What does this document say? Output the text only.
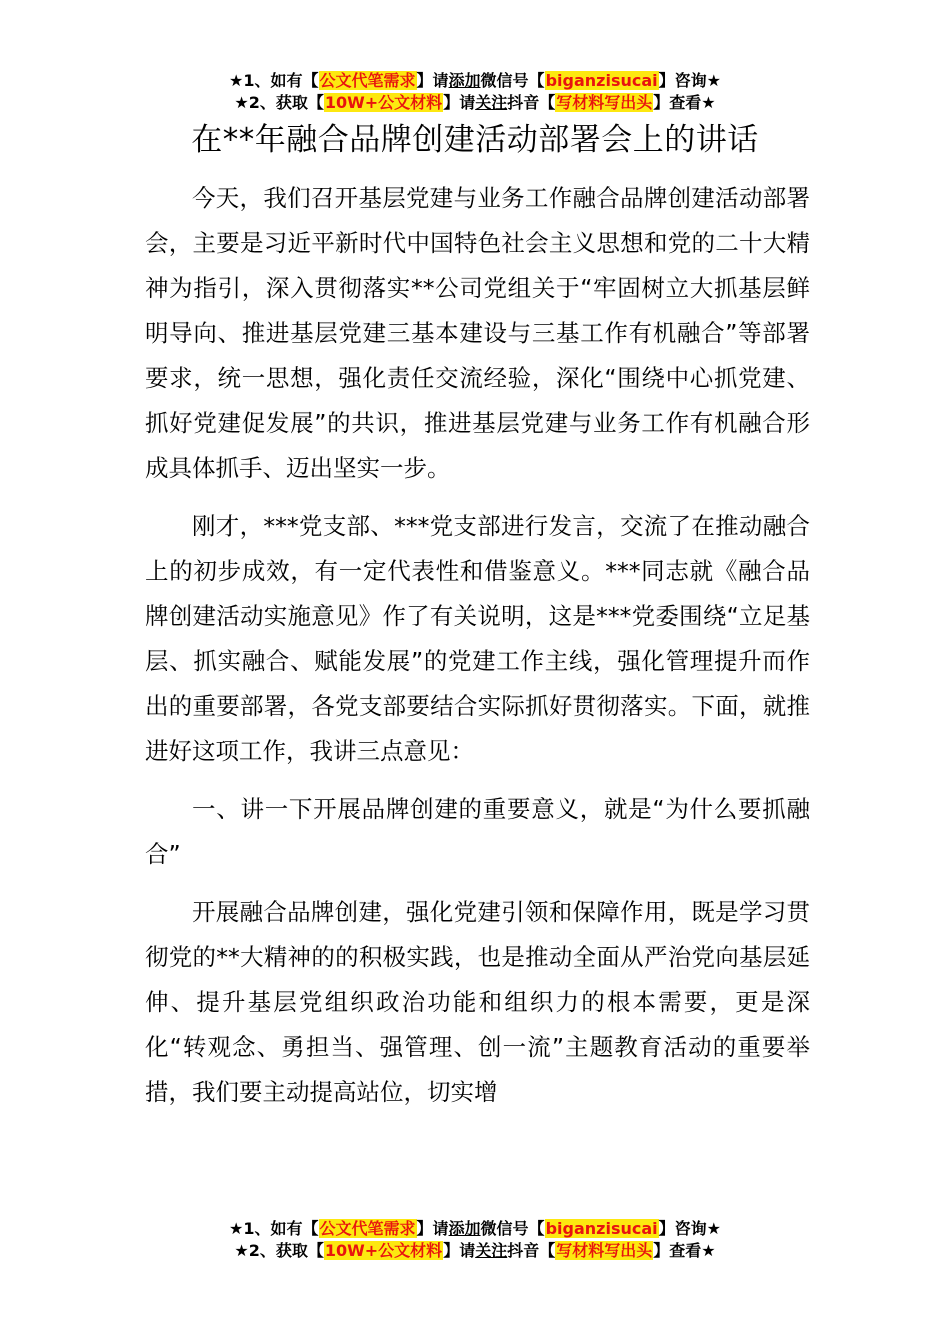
★1、如有【公文代笔需求】请添加微信号【biganzisucai】咨询★
★2、获取【10W+公文材料】请关注抖音【写材料写出头】查看★
在**年融合品牌创建活动部署会上的讲话

今天，我们召开基层党建与业务工作融合品牌创建活动部署会，主要是习近平新时代中国特色社会主义思想和党的二十大精神为指引，深入贯彻落实**公司党组关于“牢固树立大抓基层鲜明导向、推进基层党建三基本建设与三基工作有机融合”等部署要求，统一思想，强化责任交流经验，深化“围绕中心抓党建、抓好党建促发展”的共识，推进基层党建与业务工作有机融合形成具体抓手、迈出坚实一步。

刚才，***党支部、***党支部进行发言，交流了在推动融合上的初步成效，有一定代表性和借鉴意义。***同志就《融合品牌创建活动实施意见》作了有关说明，这是***党委围绕“立足基层、抓实融合、赋能发展”的党建工作主线，强化管理提升而作出的重要部署，各党支部要结合实际抓好贯彻落实。下面，就推进好这项工作，我讲三点意见：

一、讲一下开展品牌创建的重要意义，就是“为什么要抓融合”

开展融合品牌创建，强化党建引领和保障作用，既是学习贯彻党的**大精神的的积极实践，也是推动全面从严治党向基层延伸、提升基层党组织政治功能和组织力的根本需要，更是深化“转观念、勇担当、强管理、创一流”主题教育活动的重要举措，我们要主动提高站位，切实增

★1、如有【公文代笔需求】请添加微信号【biganzisucai】咨询★
★2、获取【10W+公文材料】请关注抖音【写材料写出头】查看★
